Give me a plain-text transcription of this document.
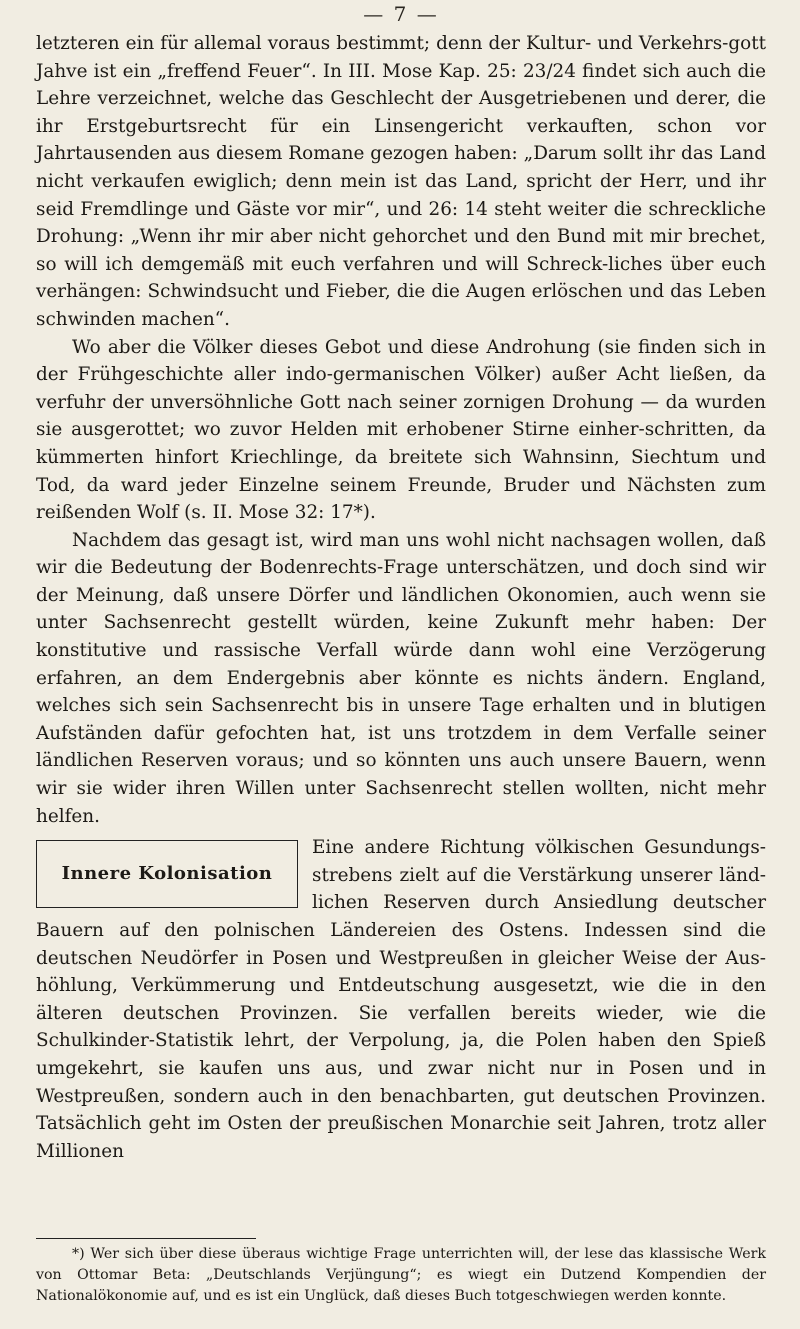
— 7 —

letzteren ein für allemal voraus bestimmt; denn der Kultur- und Verkehrs-gott Jahve ist ein „freffend Feuer“. In III. Mose Kap. 25: 23/24 findet sich auch die Lehre verzeichnet, welche das Geschlecht der Ausgetriebenen und derer, die ihr Erstgeburtsrecht für ein Linsengericht verkauften, schon vor Jahrtausenden aus diesem Romane gezogen haben: „Darum sollt ihr das Land nicht verkaufen ewiglich; denn mein ist das Land, spricht der Herr, und ihr seid Fremdlinge und Gäste vor mir“, und 26: 14 steht weiter die schreckliche Drohung: „Wenn ihr mir aber nicht gehorchet und den Bund mit mir brechet, so will ich demgemäß mit euch verfahren und will Schreck-liches über euch verhängen: Schwindsucht und Fieber, die die Augen erlöschen und das Leben schwinden machen“.

Wo aber die Völker dieses Gebot und diese Androhung (sie finden sich in der Frühgeschichte aller indo-germanischen Völker) außer Acht ließen, da verfuhr der unversöhnliche Gott nach seiner zornigen Drohung — da wurden sie ausgerottet; wo zuvor Helden mit erhobener Stirne einher-schritten, da kümmerten hinfort Kriechlinge, da breitete sich Wahnsinn, Siechtum und Tod, da ward jeder Einzelne seinem Freunde, Bruder und Nächsten zum reißenden Wolf (s. II. Mose 32: 17*).

Nachdem das gesagt ist, wird man uns wohl nicht nachsagen wollen, daß wir die Bedeutung der Bodenrechts-Frage unterschätzen, und doch sind wir der Meinung, daß unsere Dörfer und ländlichen Okonomien, auch wenn sie unter Sachsenrecht gestellt würden, keine Zukunft mehr haben: Der konstitutive und rassische Verfall würde dann wohl eine Verzögerung erfahren, an dem Endergebnis aber könnte es nichts ändern. England, welches sich sein Sachsenrecht bis in unsere Tage erhalten und in blutigen Aufständen dafür gefochten hat, ist uns trotzdem in dem Verfalle seiner ländlichen Reserven voraus; und so könnten uns auch unsere Bauern, wenn wir sie wider ihren Willen unter Sachsenrecht stellen wollten, nicht mehr helfen.

Innere Kolonisation

Eine andere Richtung völkischen Gesundungs-strebens zielt auf die Verstärkung unserer länd-lichen Reserven durch Ansiedlung deutscher Bauern auf den polnischen Ländereien des Ostens. Indessen sind die deutschen Neudörfer in Posen und Westpreußen in gleicher Weise der Aus-höhlung, Verkümmerung und Entdeutschung ausgesetzt, wie die in den älteren deutschen Provinzen. Sie verfallen bereits wieder, wie die Schulkinder-Statistik lehrt, der Verpolung, ja, die Polen haben den Spieß umgekehrt, sie kaufen uns aus, und zwar nicht nur in Posen und in Westpreußen, sondern auch in den benachbarten, gut deutschen Provinzen. Tatsächlich geht im Osten der preußischen Monarchie seit Jahren, trotz aller Millionen

*) Wer sich über diese überaus wichtige Frage unterrichten will, der lese das klassische Werk von Ottomar Beta: „Deutschlands Verjüngung“; es wiegt ein Dutzend Kompendien der Nationalökonomie auf, und es ist ein Unglück, daß dieses Buch totgeschwiegen werden konnte.
